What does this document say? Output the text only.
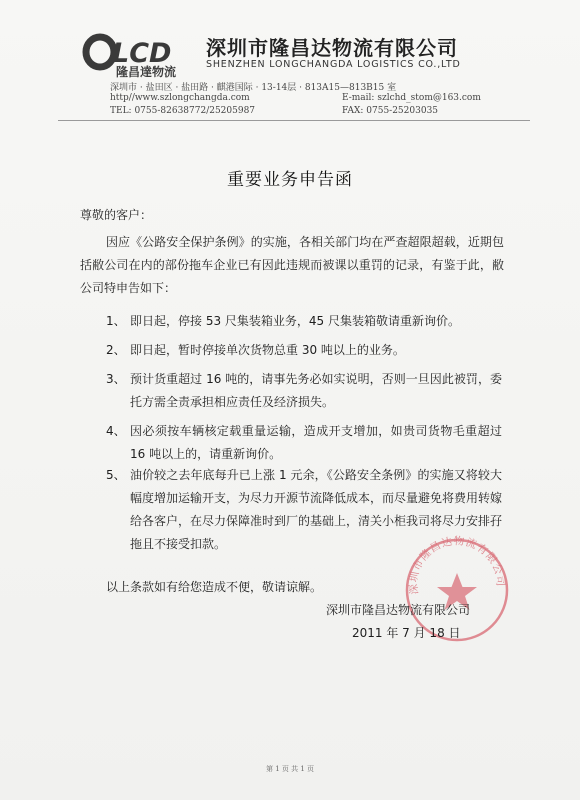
LCD
隆昌達物流
深圳市隆昌达物流有限公司
SHENZHEN LONGCHANGDA LOGISTICS CO.,LTD
深圳市 · 盐田区 · 盐田路 · 麒港国际 · 13-14层 · 813A15—813B15 室
http//www.szlongchangda.com	E-mail: szlchd_stom@163.com
TEL: 0755-82638772/25205987	FAX: 0755-25203035
重要业务申告函
尊敬的客户：
因应《公路安全保护条例》的实施，各相关部门均在严查超限超载，近期包括敝公司在内的部份拖车企业已有因此违规而被课以重罚的记录，有鉴于此，敝公司特申告如下：
1、 即日起，停接 53 尺集装箱业务，45 尺集装箱敬请重新询价。
2、 即日起，暂时停接单次货物总重 30 吨以上的业务。
3、 预计货重超过 16 吨的，请事先务必如实说明，否则一旦因此被罚，委托方需全责承担相应责任及经济损失。
4、 因必须按车辆核定载重量运输，造成开支增加，如贵司货物毛重超过 16 吨以上的，请重新询价。
5、 油价较之去年底每升已上涨 1 元余，《公路安全条例》的实施又将较大幅度增加运输开支，为尽力开源节流降低成本，而尽量避免将费用转嫁给各客户，在尽力保障准时到厂的基础上，清关小柜我司将尽力安排孖拖且不接受扣款。
以上条款如有给您造成不便，敬请谅解。	深圳市隆昌达物流有限公司
深圳市隆昌达物流有限公司
2011 年 7 月 18 日
第 1 页 共 1 页
